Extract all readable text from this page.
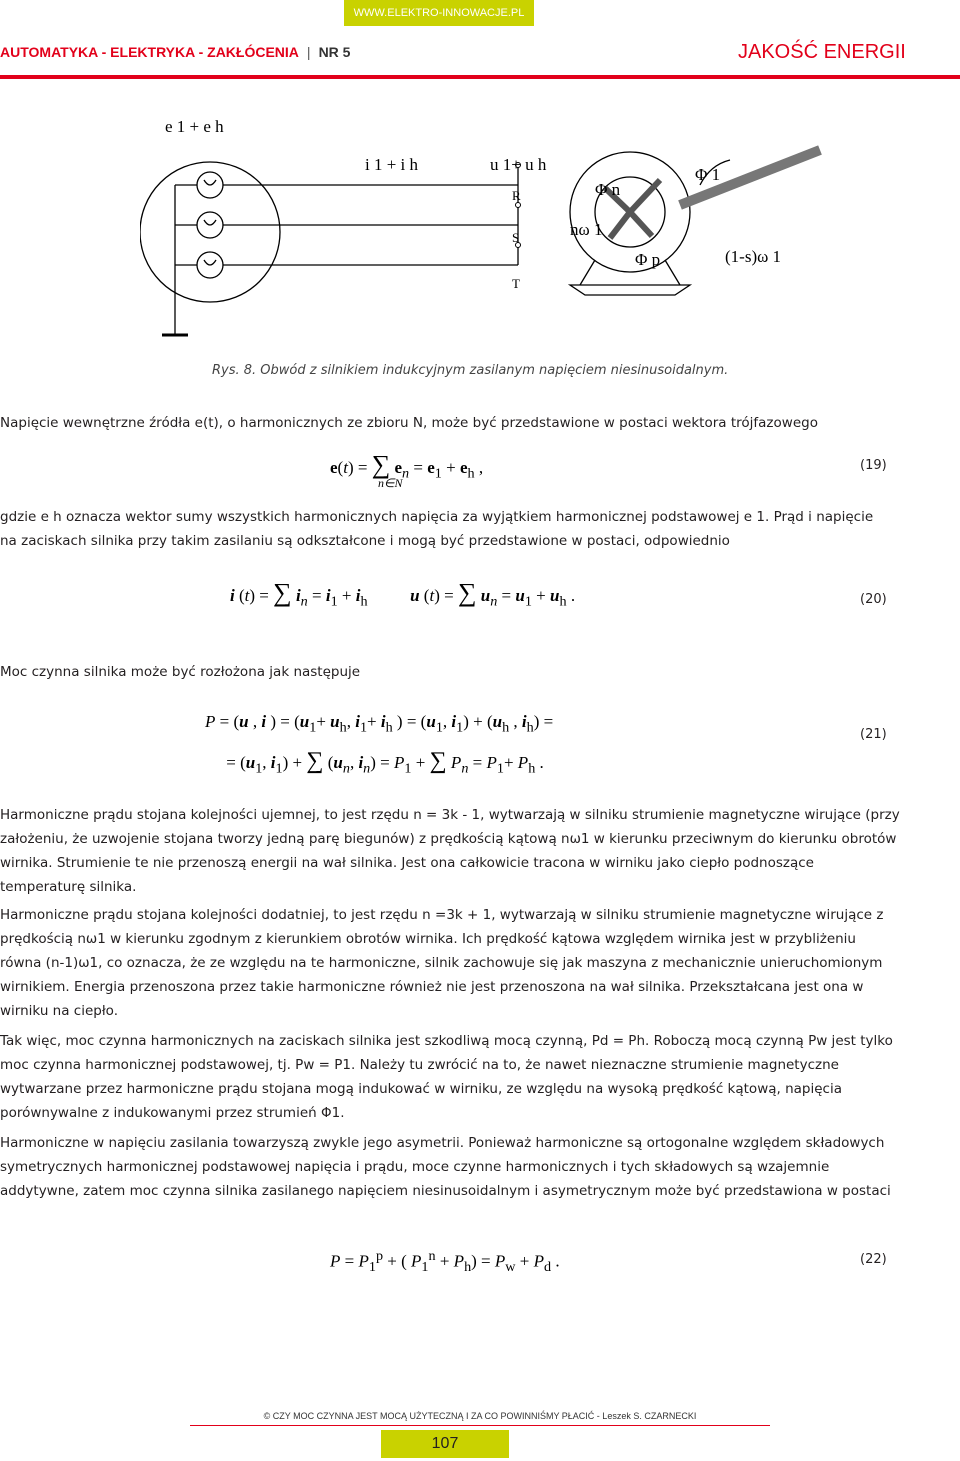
WWW.ELEKTRO-INNOWACJE.PL
AUTOMATYKA - ELEKTRYKA - ZAKŁÓCENIA | NR 5	JAKOŚĆ ENERGII
e 1 + e h
i 1 + i h	u 1+ u h
R
S
T
Φ n
Φ p
Φ 1
nω 1
(1-s)ω 1
Rys. 8. Obwód z silnikiem indukcyjnym zasilanym napięciem niesinusoidalnym.
Napięcie wewnętrzne źródła e(t), o harmonicznych ze zbioru N, może być przedstawione w postaci wektora trójfazowego
e(t) = ∑ $e_n = e_1 + e_h$ ,
n∈N
(19)
gdzie e h oznacza wektor sumy wszystkich harmonicznych napięcia za wyjątkiem harmonicznej podstawowej e 1. Prąd i napięcie
na zaciskach silnika przy takim zasilaniu są odkształcone i mogą być przedstawione w postaci, odpowiednio
i (t) = ∑ $i_n = i_1 + i_h$	u (t) = ∑ $u_n = u_1 + u_h$ .	(20)
Moc czynna silnika może być rozłożona jak następuje
P = (u , i ) = ($u_1+ u_h$, $i_1+ i_h$ ) = ($u_1$, $i_1) + (u_h$ , $i_h$) =
= ($u_1$, $i_1$) + ∑ ($u_n$, $i_n) = P_1$ + ∑ $P_n = P_1+ P_h$ .
(21)
Harmoniczne prądu stojana kolejności ujemnej, to jest rzędu n = 3k - 1, wytwarzają w silniku strumienie magnetyczne wirujące (przy założeniu, że uzwojenie stojana tworzy jedną parę biegunów) z prędkością kątową nω1 w kierunku przeciwnym do kierunku obrotów wirnika. Strumienie te nie przenoszą energii na wał silnika. Jest ona całkowicie tracona w wirniku jako ciepło podnoszące temperaturę silnika.
Harmoniczne prądu stojana kolejności dodatniej, to jest rzędu n =3k + 1, wytwarzają w silniku strumienie magnetyczne wirujące z prędkością nω1 w kierunku zgodnym z kierunkiem obrotów wirnika. Ich prędkość kątowa względem wirnika jest w przybliżeniu równa (n-1)ω1, co oznacza, że ze względu na te harmoniczne, silnik zachowuje się jak maszyna z mechanicznie unieruchomionym wirnikiem. Energia przenoszona przez takie harmoniczne również nie jest przenoszona na wał silnika. Przekształcana jest ona w wirniku na ciepło.
Tak więc, moc czynna harmonicznych na zaciskach silnika jest szkodliwą mocą czynną, Pd = Ph. Roboczą mocą czynną Pw jest tylko moc czynna harmonicznej podstawowej, tj. Pw = P1. Należy tu zwrócić na to, że nawet nieznaczne strumienie magnetyczne wytwarzane przez harmoniczne prądu stojana mogą indukować w wirniku, ze względu na wysoką prędkość kątową, napięcia porównywalne z indukowanymi przez strumień Φ1.
Harmoniczne w napięciu zasilania towarzyszą zwykle jego asymetrii. Ponieważ harmoniczne są ortogonalne względem składowych symetrycznych harmonicznej podstawowej napięcia i prądu, moce czynne harmonicznych i tych składowych są wzajemnie addytywne, zatem moc czynna silnika zasilanego napięciem niesinusoidalnym i asymetrycznym może być przedstawiona w postaci
$P = P_1^p$ + ( $P_1^n + P_h) = P_w + P_d$ .	(22)
© CZY MOC CZYNNA JEST MOCĄ UŻYTECZNĄ I ZA CO POWINNIŚMY PŁACIĆ - Leszek S. CZARNECKI
107
